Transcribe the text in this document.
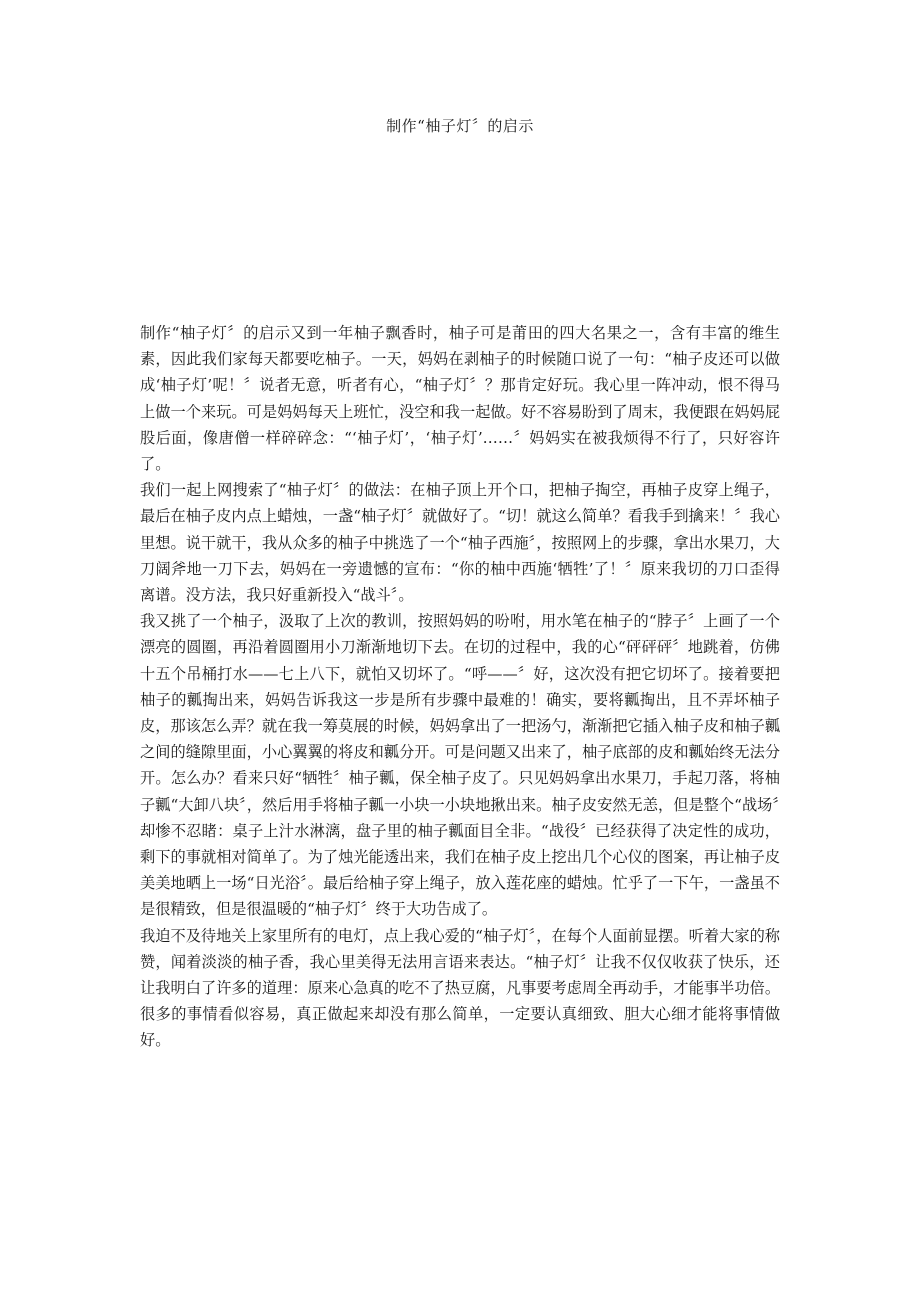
制作“柚子灯〞的启示

制作“柚子灯〞的启示又到一年柚子飘香时，柚子可是莆田的四大名果之一，含有丰富的维生素，因此我们家每天都要吃柚子。一天，妈妈在剥柚子的时候随口说了一句：“柚子皮还可以做成‘柚子灯’呢！〞说者无意，听者有心，“柚子灯〞？那肯定好玩。我心里一阵冲动，恨不得马上做一个来玩。可是妈妈每天上班忙，没空和我一起做。好不容易盼到了周末，我便跟在妈妈屁股后面，像唐僧一样碎碎念：“‘柚子灯’，‘柚子灯’……〞妈妈实在被我烦得不行了，只好容许了。

我们一起上网搜索了“柚子灯〞的做法：在柚子顶上开个口，把柚子掏空，再柚子皮穿上绳子，最后在柚子皮内点上蜡烛，一盏“柚子灯〞就做好了。“切！就这么简单？看我手到擒来！〞我心里想。说干就干，我从众多的柚子中挑选了一个“柚子西施〞，按照网上的步骤，拿出水果刀，大刀阔斧地一刀下去，妈妈在一旁遗憾的宣布：“你的柚中西施‘牺牲’了！〞原来我切的刀口歪得离谱。没方法，我只好重新投入“战斗〞。

我又挑了一个柚子，汲取了上次的教训，按照妈妈的吩咐，用水笔在柚子的“脖子〞上画了一个漂亮的圆圈，再沿着圆圈用小刀渐渐地切下去。在切的过程中，我的心“砰砰砰〞地跳着，仿佛十五个吊桶打水——七上八下，就怕又切坏了。“呼——〞好，这次没有把它切坏了。接着要把柚子的瓤掏出来，妈妈告诉我这一步是所有步骤中最难的！确实，要将瓤掏出，且不弄坏柚子皮，那该怎么弄？就在我一筹莫展的时候，妈妈拿出了一把汤勺，渐渐把它插入柚子皮和柚子瓤之间的缝隙里面，小心翼翼的将皮和瓤分开。可是问题又出来了，柚子底部的皮和瓤始终无法分开。怎么办？看来只好“牺牲〞柚子瓤，保全柚子皮了。只见妈妈拿出水果刀，手起刀落，将柚子瓤“大卸八块〞，然后用手将柚子瓤一小块一小块地揪出来。柚子皮安然无恙，但是整个“战场〞却惨不忍睹：桌子上汁水淋漓，盘子里的柚子瓤面目全非。“战役〞已经获得了决定性的成功，剩下的事就相对简单了。为了烛光能透出来，我们在柚子皮上挖出几个心仪的图案，再让柚子皮美美地晒上一场“日光浴〞。最后给柚子穿上绳子，放入莲花座的蜡烛。忙乎了一下午，一盏虽不是很精致，但是很温暖的“柚子灯〞终于大功告成了。

我迫不及待地关上家里所有的电灯，点上我心爱的“柚子灯〞，在每个人面前显摆。听着大家的称赞，闻着淡淡的柚子香，我心里美得无法用言语来表达。“柚子灯〞让我不仅仅收获了快乐，还让我明白了许多的道理：原来心急真的吃不了热豆腐，凡事要考虑周全再动手，才能事半功倍。很多的事情看似容易，真正做起来却没有那么简单，一定要认真细致、胆大心细才能将事情做好。
